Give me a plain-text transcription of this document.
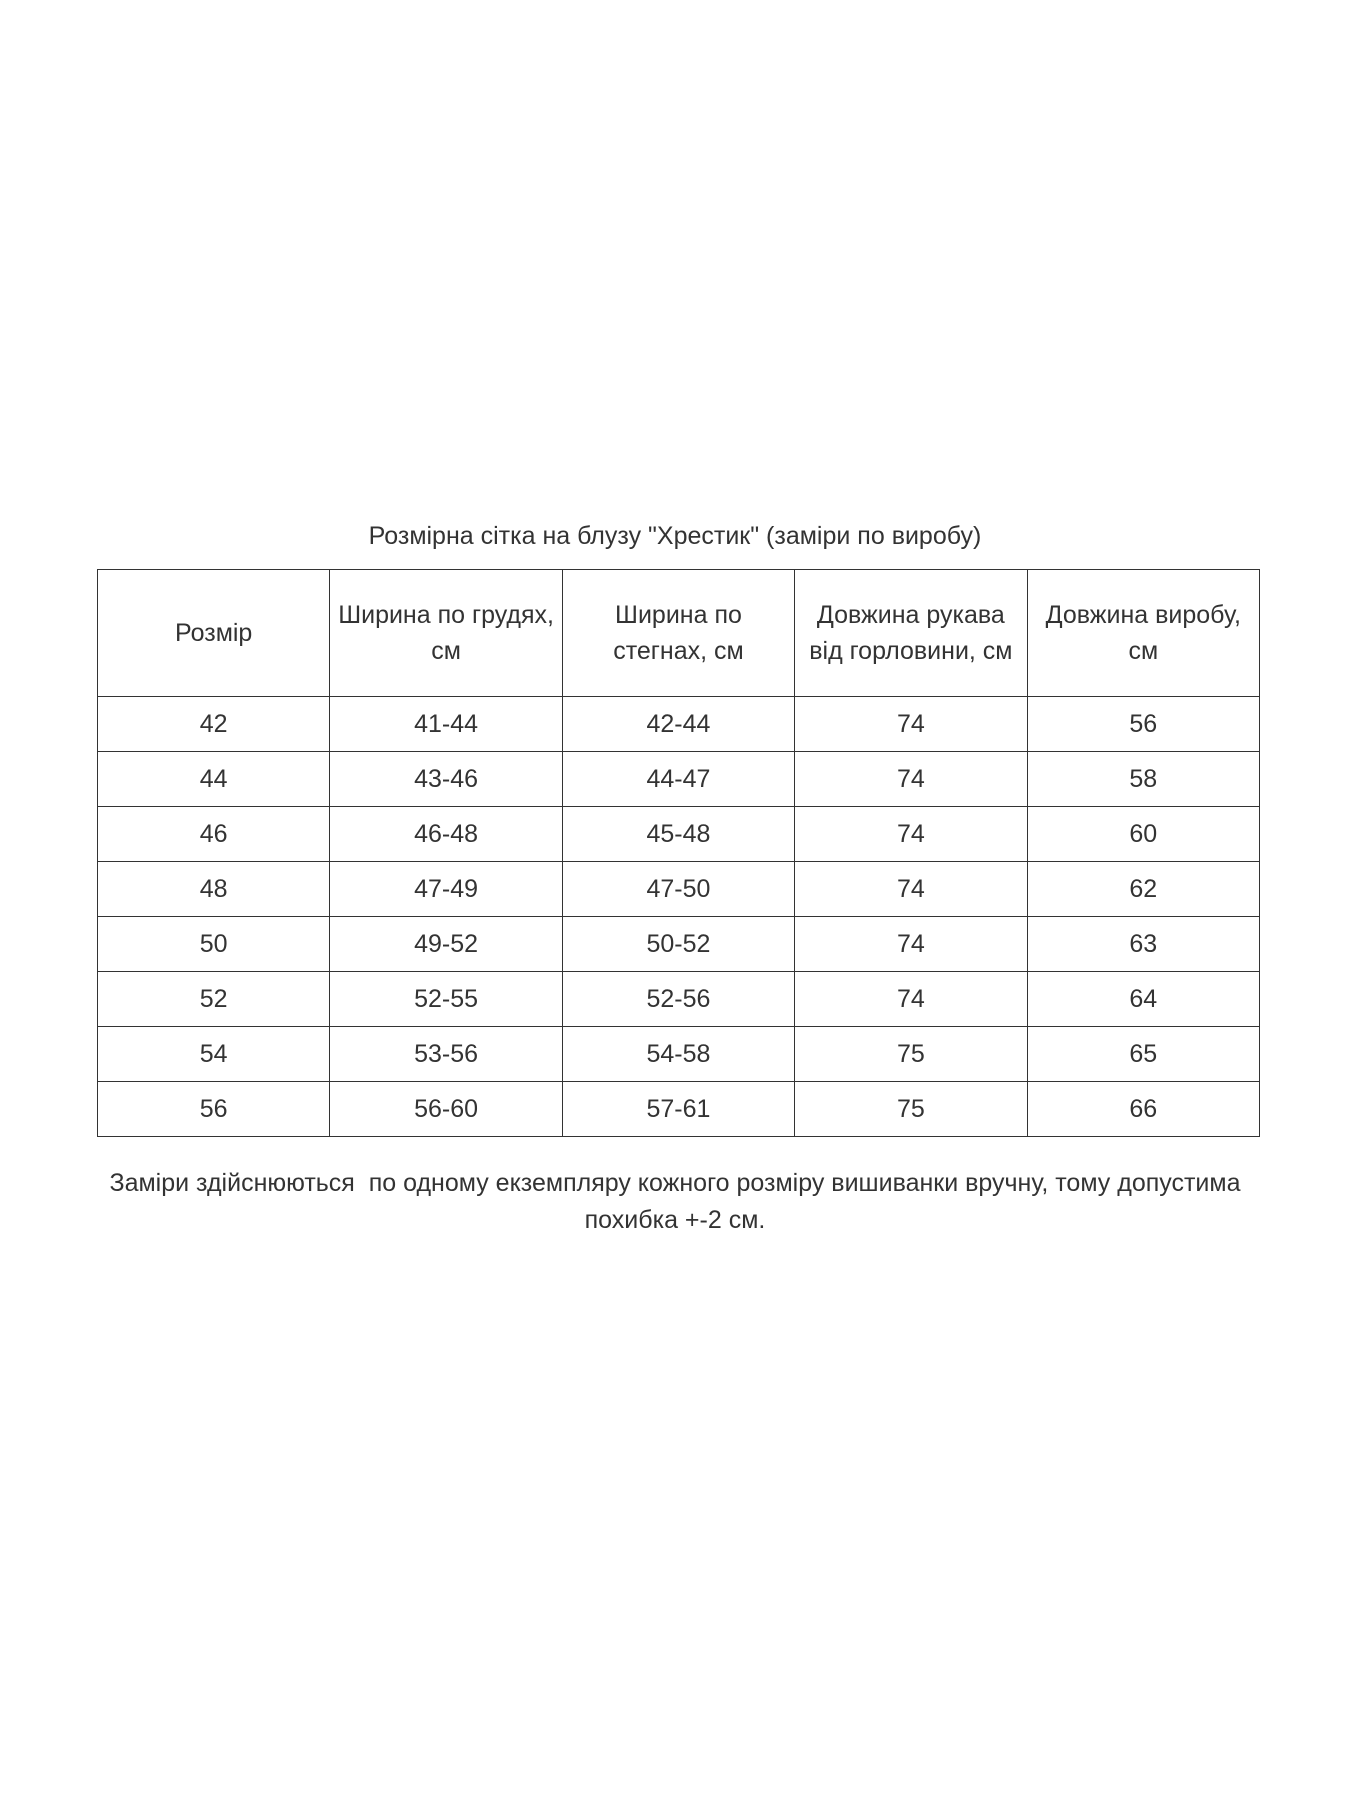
Розмірна сітка на блузу "Хрестик" (заміри по виробу)
Розмір	Ширина по грудях, см	Ширина по стегнах, см	Довжина рукава від горловини, см	Довжина виробу, см
42	41-44	42-44	74	56
44	43-46	44-47	74	58
46	46-48	45-48	74	60
48	47-49	47-50	74	62
50	49-52	50-52	74	63
52	52-55	52-56	74	64
54	53-56	54-58	75	65
56	56-60	57-61	75	66
Заміри здійснюються  по одному екземпляру кожного розміру вишиванки вручну, тому допустима похибка +-2 см.
